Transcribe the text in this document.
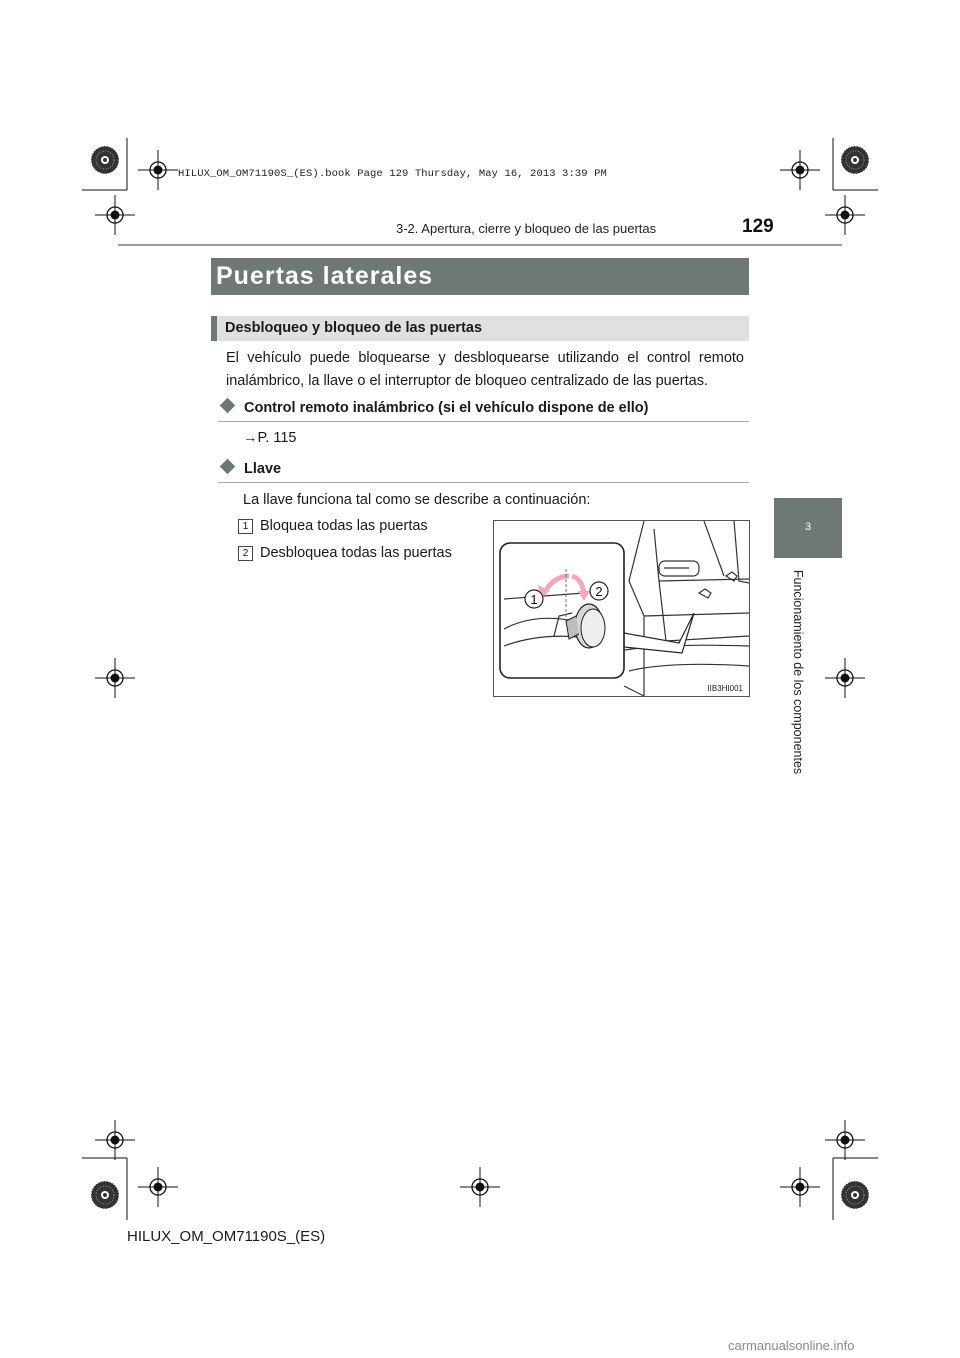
HILUX_OM_OM71190S_(ES).book Page 129 Thursday, May 16, 2013 3:39 PM
3-2. Apertura, cierre y bloqueo de las puertas	129
Puertas laterales
Desbloqueo y bloqueo de las puertas
El vehículo puede bloquearse y desbloquearse utilizando el control remoto inalámbrico, la llave o el interruptor de bloqueo centralizado de las puertas.
Control remoto inalámbrico (si el vehículo dispone de ello)
→P. 115
Llave
La llave funciona tal como se describe a continuación:
1 Bloquea todas las puertas
2 Desbloquea todas las puertas
1
2
IIB3HI001
3
Funcionamiento de los componentes
HILUX_OM_OM71190S_(ES)
carmanualsonline.info
